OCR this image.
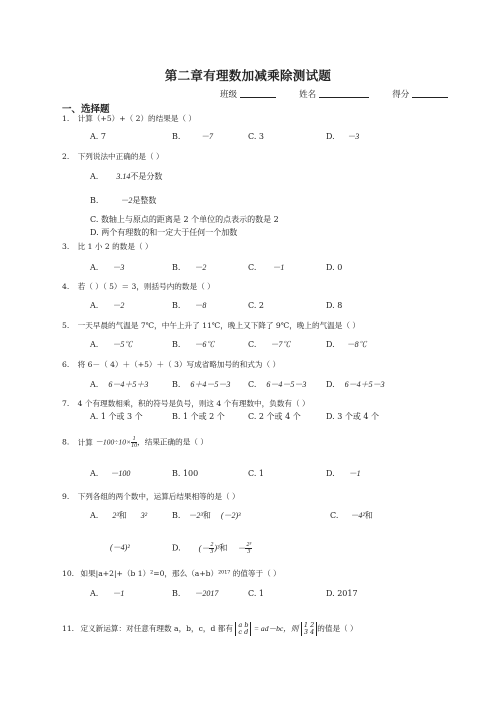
第二章有理数加减乘除测试题
班级	姓名	得分
一、选择题
1. 计算（+5）+（ 2）的结果是（ ）
A. 7	B.	－7	C. 3	D. －3
2. 下列说法中正确的是（ ）
A. 3.14不是分数
B.	－2是整数
C. 数轴上与原点的距离是 2 个单位的点表示的数是 2
D. 两个有理数的和一定大于任何一个加数
3. 比 1 小 2 的数是（ ）
A. －3	B. －2	C. －1	D. 0
4. 若（ ）（ 5）＝ 3，则括号内的数是（ ）
A. －2	B. －8	C. 2	D. 8
5. 一天早晨的气温是 7℃，中午上升了 11℃，晚上又下降了 9℃，晚上的气温是（ ）
A. －5℃	B. －6℃	C. －7℃	D. －8℃
6. 将 6－（ 4）＋（+5）＋（ 3）写成省略加号的和式为（ ）
A. 6－4＋5＋3	B. 6＋4－5－3 C. 6－4－5－3 D. 6－4＋5－3
7. 4 个有理数相乘，积的符号是负号，则这 4 个有理数中，负数有（ ）
A. 1 个或 3 个	B. 1 个或 2 个	C. 2 个或 4 个	D. 3 个或 4 个
8. 计算 $-100\div 10\times \frac{1}{10}$ ，结果正确的是（ ）
A. －100	B. 100	C. 1	D. －1
9. 下列各组的两个数中，运算后结果相等的是（ ）
A. 2³和 3²	B. －2³和 (－2)³	C. －4²和
(－4)²	D. (－ $\frac{2}{3} )^3$和 － $\frac{\text{2³}}{3}$
10. 如果|a+2|+（b 1）²=0，那么（a+b）²⁰¹⁷ 的值等于（ ）
A. －1	B. －2017	C. 1	D. 2017
11. 定义新运算：对任意有理数 a，b，c，d 都有 a b
c d = ad－bc，则 1 2
3 4 的值是（ ）
